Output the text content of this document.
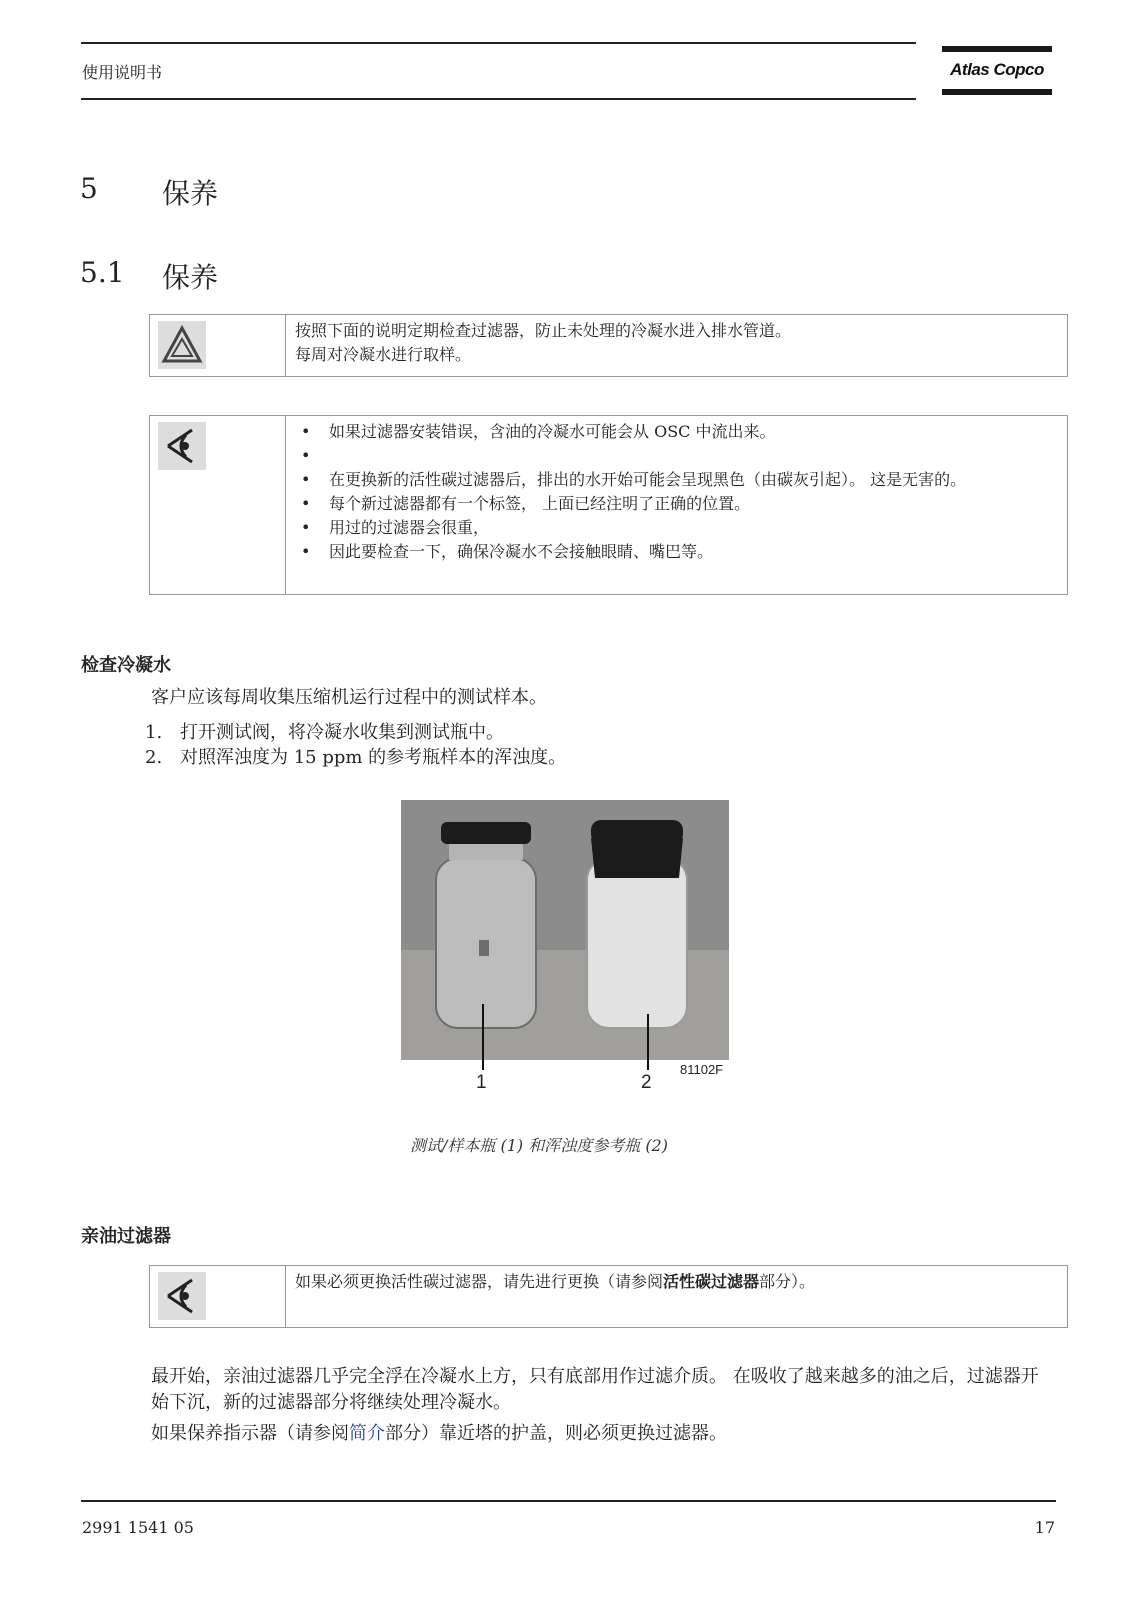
使用说明书	Atlas Copco
5 保养
5.1 保养
按照下面的说明定期检查过滤器，防止未处理的冷凝水进入排水管道。
每周对冷凝水进行取样。
• 如果过滤器安装错误，含油的冷凝水可能会从 OSC 中流出来。
•
• 在更换新的活性碳过滤器后，排出的水开始可能会呈现黑色（由碳灰引起）。 这是无害的。
• 每个新过滤器都有一个标签， 上面已经注明了正确的位置。
• 用过的过滤器会很重，
• 因此要检查一下，确保冷凝水不会接触眼睛、嘴巴等。
检查冷凝水
客户应该每周收集压缩机运行过程中的测试样本。
1. 打开测试阀，将冷凝水收集到测试瓶中。
2. 对照浑浊度为 15 ppm 的参考瓶样本的浑浊度。
1	2
81102F
测试/样本瓶 (1) 和浑浊度参考瓶 (2)
亲油过滤器
如果必须更换活性碳过滤器，请先进行更换（请参阅活性碳过滤器部分）。
最开始，亲油过滤器几乎完全浮在冷凝水上方，只有底部用作过滤介质。 在吸收了越来越多的油之后，过滤器开始下沉，新的过滤器部分将继续处理冷凝水。
如果保养指示器（请参阅简介部分）靠近塔的护盖，则必须更换过滤器。
2991 1541 05	17
